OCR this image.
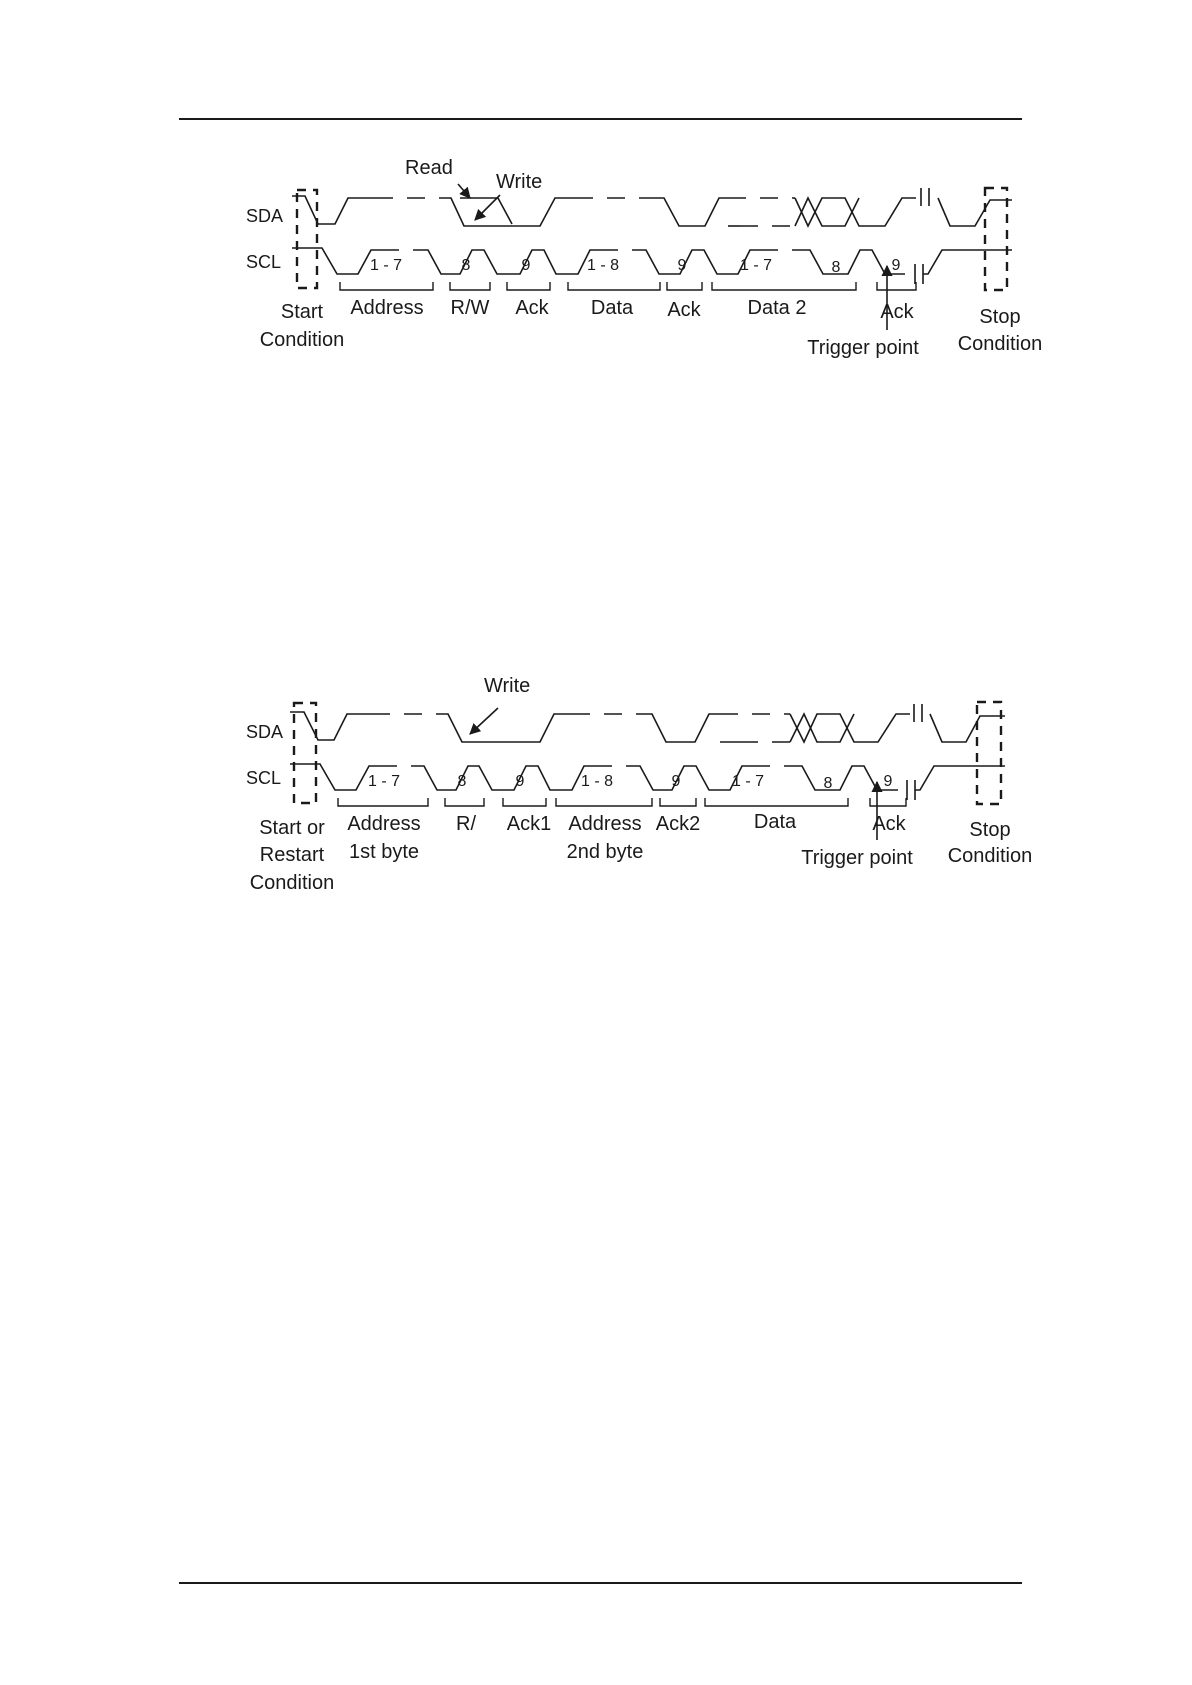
SDA
SCL	1 - 7	8	9	1 - 8	9	1 - 7	8	9
Start
Condition
Address R/W Ack Data Ack Data 2	Ack	Stop
Condition
Read
Write
Trigger point
SDA
SCL	1 - 7	8	9	1 - 8	9	1 - 7	8	9
Start or
Restart
Condition
Address
1st byte
R/ Ack1 Address
2nd byte
Ack2	Data	Ack	Stop
Condition
Write
Trigger point
